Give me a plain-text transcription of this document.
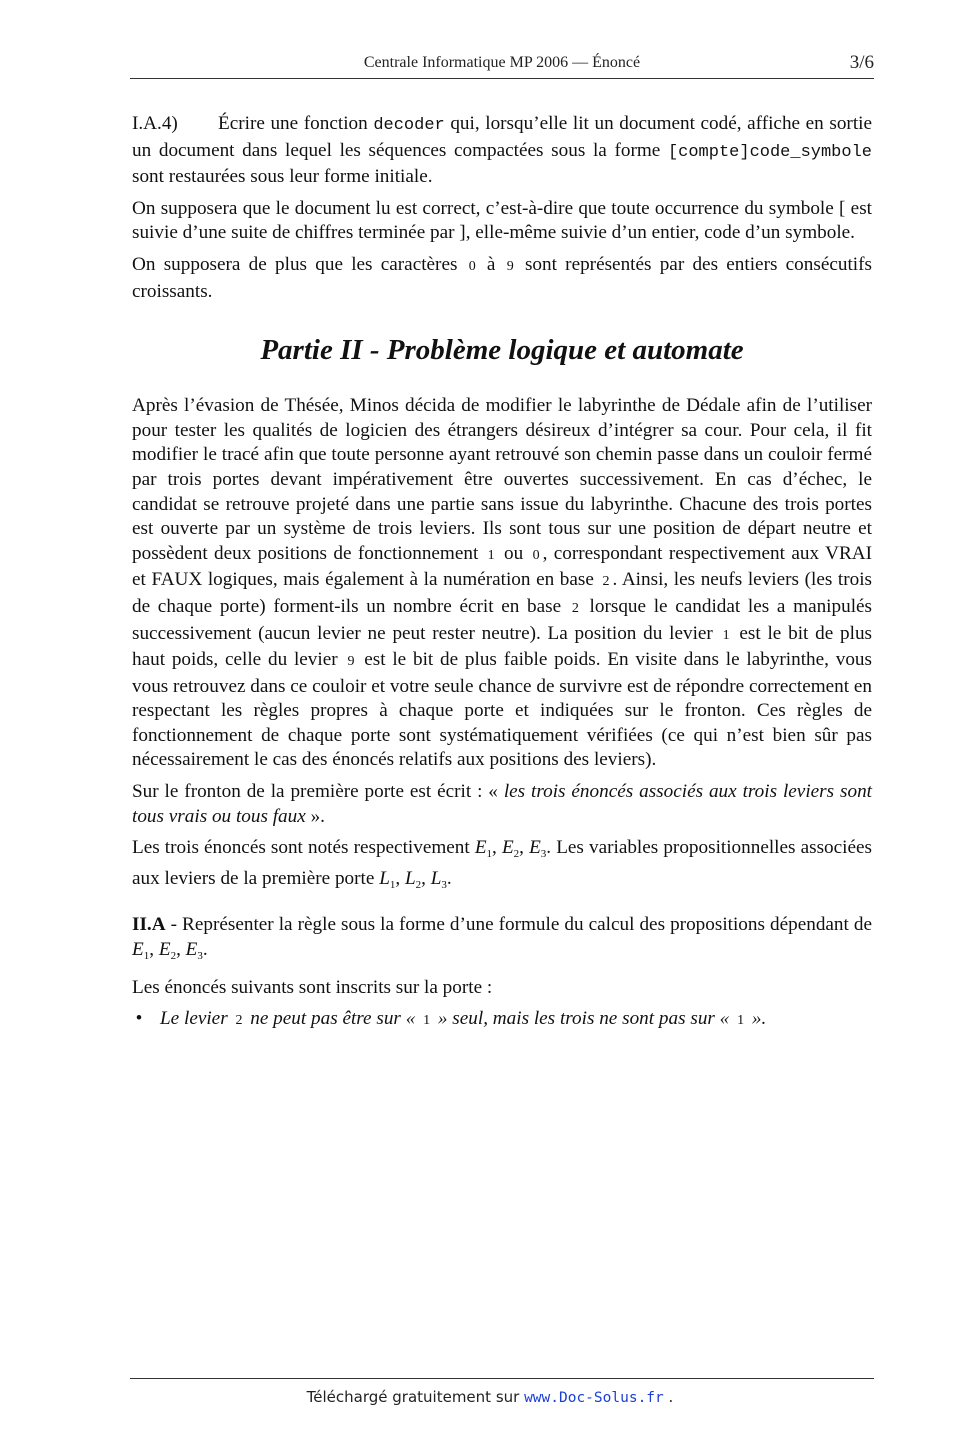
Centrale Informatique MP 2006 — Énoncé	3/6

I.A.4) Écrire une fonction decoder qui, lorsqu’elle lit un document codé, affiche en sortie un document dans lequel les séquences compactées sous la forme [compte]code_symbole sont restaurées sous leur forme initiale.

On supposera que le document lu est correct, c’est-à-dire que toute occurrence du symbole [ est suivie d’une suite de chiffres terminée par ], elle-même suivie d’un entier, code d’un symbole.

On supposera de plus que les caractères 0 à 9 sont représentés par des entiers consécutifs croissants.

Partie II - Problème logique et automate

Après l’évasion de Thésée, Minos décida de modifier le labyrinthe de Dédale afin de l’utiliser pour tester les qualités de logicien des étrangers désireux d’intégrer sa cour. Pour cela, il fit modifier le tracé afin que toute personne ayant retrouvé son chemin passe dans un couloir fermé par trois portes devant impérativement être ouvertes successivement. En cas d’échec, le candidat se retrouve projeté dans une partie sans issue du labyrinthe. Chacune des trois portes est ouverte par un système de trois leviers. Ils sont tous sur une position de départ neutre et possèdent deux positions de fonctionnement 1 ou 0 , correspondant respectivement aux VRAI et FAUX logiques, mais également à la numération en base 2 . Ainsi, les neufs leviers (les trois de chaque porte) forment-ils un nombre écrit en base 2 lorsque le candidat les a manipulés successivement (aucun levier ne peut rester neutre). La position du levier 1 est le bit de plus haut poids, celle du levier 9 est le bit de plus faible poids. En visite dans le labyrinthe, vous vous retrouvez dans ce couloir et votre seule chance de survivre est de répondre correctement en respectant les règles propres à chaque porte et indiquées sur le fronton. Ces règles de fonctionnement de chaque porte sont systématiquement vérifiées (ce qui n’est bien sûr pas nécessairement le cas des énoncés relatifs aux positions des leviers).

Sur le fronton de la première porte est écrit : « les trois énoncés associés aux trois leviers sont tous vrais ou tous faux ».

Les trois énoncés sont notés respectivement $E_1$, $E_2$, $E_3$. Les variables propositionnelles associées aux leviers de la première porte $L_1$, $L_2$, $L_3$.

II.A - Représenter la règle sous la forme d’une formule du calcul des propositions dépendant de $E_1$, $E_2$, $E_3$.

Les énoncés suivants sont inscrits sur la porte :

• Le levier 2 ne peut pas être sur « 1 » seul, mais les trois ne sont pas sur « 1 ».
Téléchargé gratuitement sur www.Doc-Solus.fr .
